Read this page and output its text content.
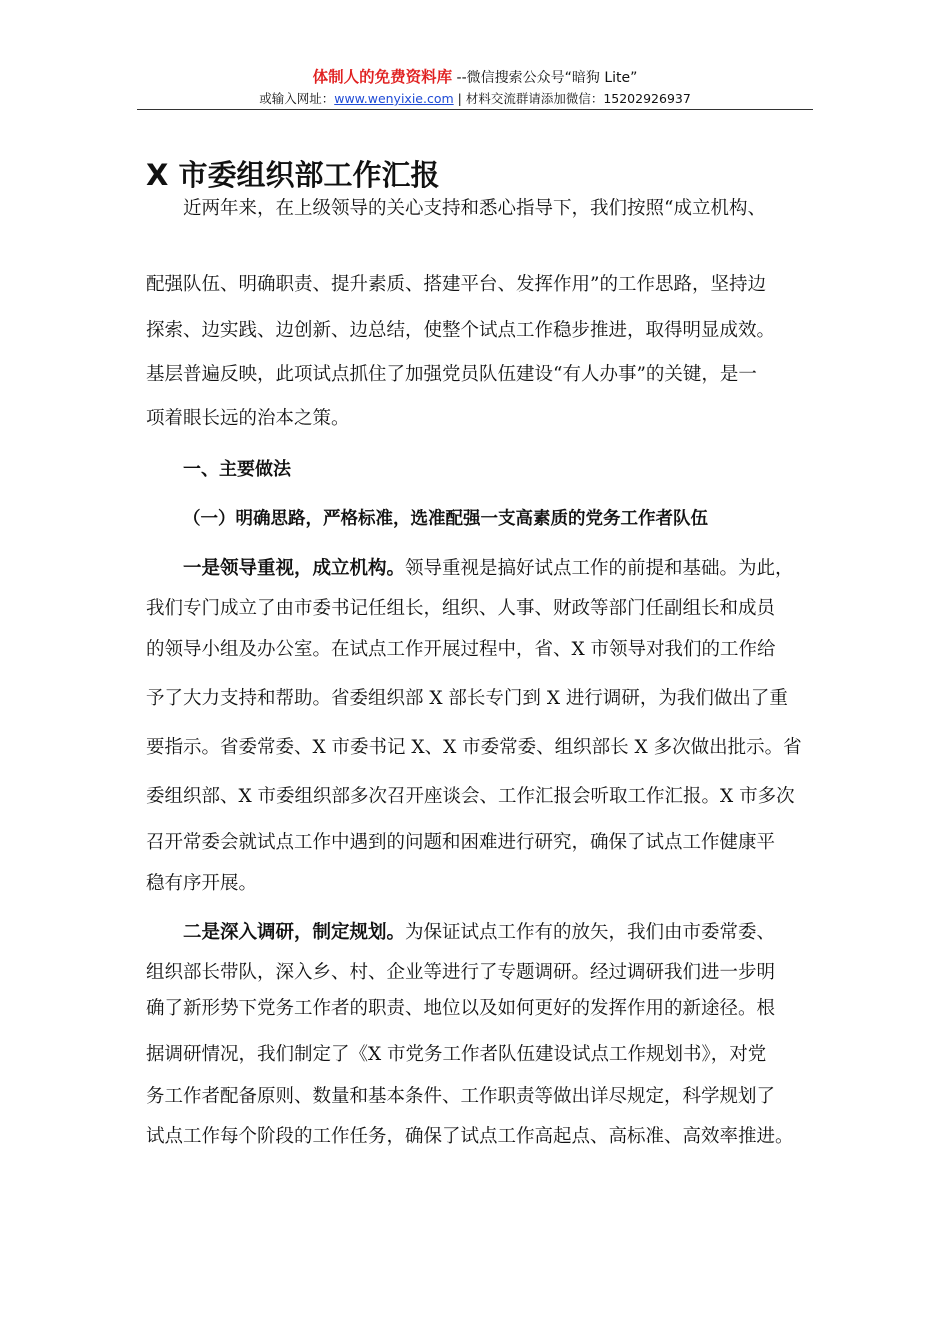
体制人的免费资料库 --微信搜索公众号“暗狗 Lite”
或输入网址：www.wenyixie.com | 材料交流群请添加微信：15202926937
X 市委组织部工作汇报
近两年来，在上级领导的关心支持和悉心指导下，我们按照“成立机构、
配强队伍、明确职责、提升素质、搭建平台、发挥作用”的工作思路，坚持边
探索、边实践、边创新、边总结，使整个试点工作稳步推进，取得明显成效。
基层普遍反映，此项试点抓住了加强党员队伍建设“有人办事”的关键，是一
项着眼长远的治本之策。
一、主要做法
（一）明确思路，严格标准，选准配强一支高素质的党务工作者队伍
一是领导重视，成立机构。领导重视是搞好试点工作的前提和基础。为此，
我们专门成立了由市委书记任组长，组织、人事、财政等部门任副组长和成员
的领导小组及办公室。在试点工作开展过程中，省、X 市领导对我们的工作给
予了大力支持和帮助。省委组织部 X 部长专门到 X 进行调研，为我们做出了重
要指示。省委常委、X 市委书记 X、X 市委常委、组织部长 X 多次做出批示。省
委组织部、X 市委组织部多次召开座谈会、工作汇报会听取工作汇报。X 市多次
召开常委会就试点工作中遇到的问题和困难进行研究，确保了试点工作健康平
稳有序开展。
二是深入调研，制定规划。为保证试点工作有的放矢，我们由市委常委、
组织部长带队，深入乡、村、企业等进行了专题调研。经过调研我们进一步明
确了新形势下党务工作者的职责、地位以及如何更好的发挥作用的新途径。根
据调研情况，我们制定了《X 市党务工作者队伍建设试点工作规划书》，对党
务工作者配备原则、数量和基本条件、工作职责等做出详尽规定，科学规划了
试点工作每个阶段的工作任务，确保了试点工作高起点、高标准、高效率推进。
